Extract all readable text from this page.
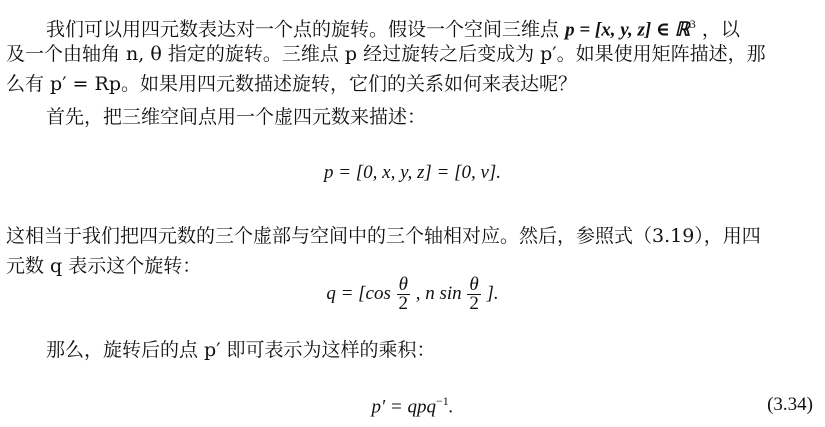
我们可以用四元数表达对一个点的旋转。假设一个空间三维点 p = [x, y, z] ∈ ℝ$^3$ ，以
及一个由轴角 n, θ 指定的旋转。三维点 p 经过旋转之后变成为 p′。如果使用矩阵描述，那
么有 p′ = Rp。如果用四元数描述旋转，它们的关系如何来表达呢？
首先，把三维空间点用一个虚四元数来描述：
p = [0, x, y, z] = [0, v].
这相当于我们把四元数的三个虚部与空间中的三个轴相对应。然后，参照式（3.19），用四
元数 q 表示这个旋转：
$q = [\cos \frac{\theta}{2}$ , n $\sin \frac{\theta}{2}$ ].
那么，旋转后的点 p′ 即可表示为这样的乘积：
p′ = qpq$^{-1}$.	(3.34)
